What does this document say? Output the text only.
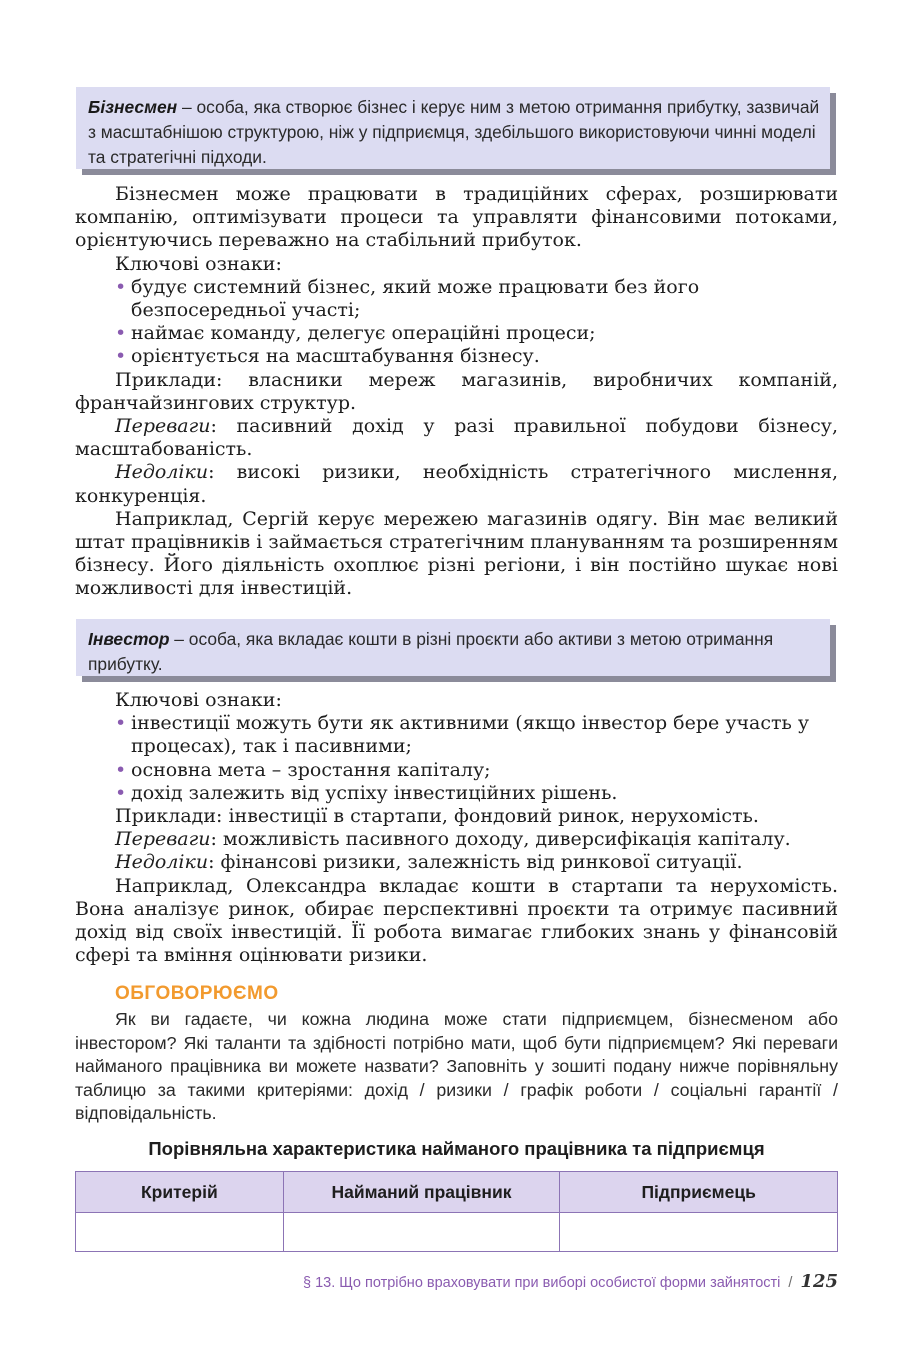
Бізнесмен – особа, яка створює бізнес і керує ним з метою отримання прибутку, зазвичай з масштабнішою структурою, ніж у підприємця, здебільшого використовуючи чинні моделі та стратегічні підходи.

Бізнесмен може працювати в традиційних сферах, розширювати компанію, оптимізувати процеси та управляти фінансовими потоками, орієнтуючись переважно на стабільний прибуток.

Ключові ознаки:

• будує системний бізнес, який може працювати без його безпосередньої участі;

• наймає команду, делегує операційні процеси;

• орієнтується на масштабування бізнесу.

Приклади: власники мереж магазинів, виробничих компаній, франчайзингових структур.

Переваги: пасивний дохід у разі правильної побудови бізнесу, масштабованість.

Недоліки: високі ризики, необхідність стратегічного мислення, конкуренція.

Наприклад, Сергій керує мережею магазинів одягу. Він має великий штат працівників і займається стратегічним плануванням та розширенням бізнесу. Його діяльність охоплює різні регіони, і він постійно шукає нові можливості для інвестицій.

Інвестор – особа, яка вкладає кошти в різні проєкти або активи з метою отримання прибутку.

Ключові ознаки:

• інвестиції можуть бути як активними (якщо інвестор бере участь у процесах), так і пасивними;

• основна мета – зростання капіталу;

• дохід залежить від успіху інвестиційних рішень.

Приклади: інвестиції в стартапи, фондовий ринок, нерухомість.

Переваги: можливість пасивного доходу, диверсифікація капіталу.

Недоліки: фінансові ризики, залежність від ринкової ситуації.

Наприклад, Олександра вкладає кошти в стартапи та нерухомість. Вона аналізує ринок, обирає перспективні проєкти та отримує пасивний дохід від своїх інвестицій. Її робота вимагає глибоких знань у фінансовій сфері та вміння оцінювати ризики.

ОБГОВОРЮЄМО
Як ви гадаєте, чи кожна людина може стати підприємцем, бізнесменом або інвестором? Які таланти та здібності потрібно мати, щоб бути підприємцем? Які переваги найманого працівника ви можете назвати? Заповніть у зошиті подану нижче порівняльну таблицю за такими критеріями: дохід / ризики / графік роботи / соціальні гарантії / відповідальність.
Порівняльна характеристика найманого працівника та підприємця
Критерій	Найманий працівник	Підприємець

§ 13. Що потрібно враховувати при виборі особистої форми зайнятості / 125
